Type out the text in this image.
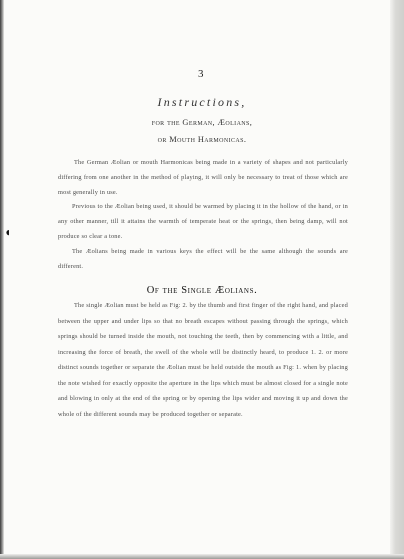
◖
3
Instructions,
for the German, Æolians,
or Mouth Harmonicas.

The German Æolian or mouth Harmonicas being made in a variety of shapes and not particularly differing from one another in the method of playing, it will only be necessary to treat of those which are most generally in use.

Previous to the Æolian being used, it should be warmed by placing it in the hollow of the hand, or in any other manner, till it attains the warmth of temperate heat or the springs, then being damp, will not produce so clear a tone.

The Æolians being made in various keys the effect will be the same although the sounds are different.

Of the Single Æolians.

The single Æolian must be held as Fig: 2. by the thumb and first finger of the right hand, and placed between the upper and under lips so that no breath escapes without passing through the springs, which springs should be turned inside the mouth, not touching the teeth, then by commencing with a little, and increasing the force of breath, the swell of the whole will be distinctly heard, to produce 1. 2. or more distinct sounds together or separate the Æolian must be held outside the mouth as Fig: 1. when by placing the note wished for exactly opposite the aperture in the lips which must be almost closed for a single note and blowing in only at the end of the spring or by opening the lips wider and moving it up and down the whole of the different sounds may be produced together or separate.
